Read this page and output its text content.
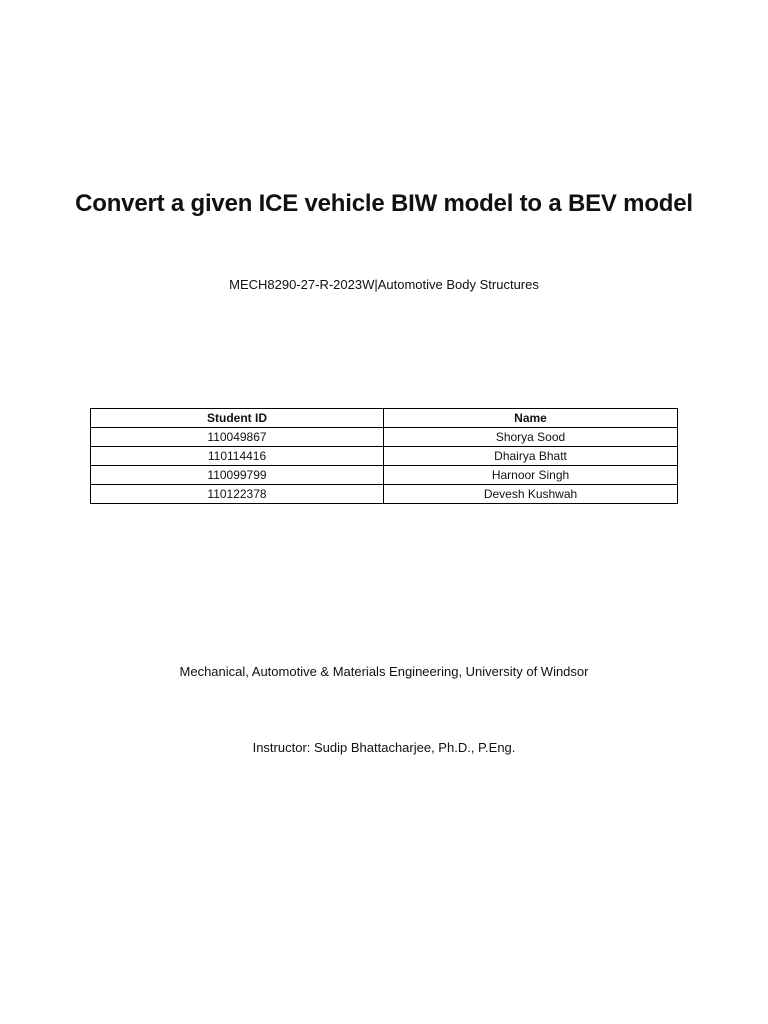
Convert a given ICE vehicle BIW model to a BEV model

MECH8290-27-R-2023W|Automotive Body Structures

Student ID	Name
110049867	Shorya Sood
110114416	Dhairya Bhatt
110099799	Harnoor Singh
110122378	Devesh Kushwah

Mechanical, Automotive & Materials Engineering, University of Windsor

Instructor: Sudip Bhattacharjee, Ph.D., P.Eng.
